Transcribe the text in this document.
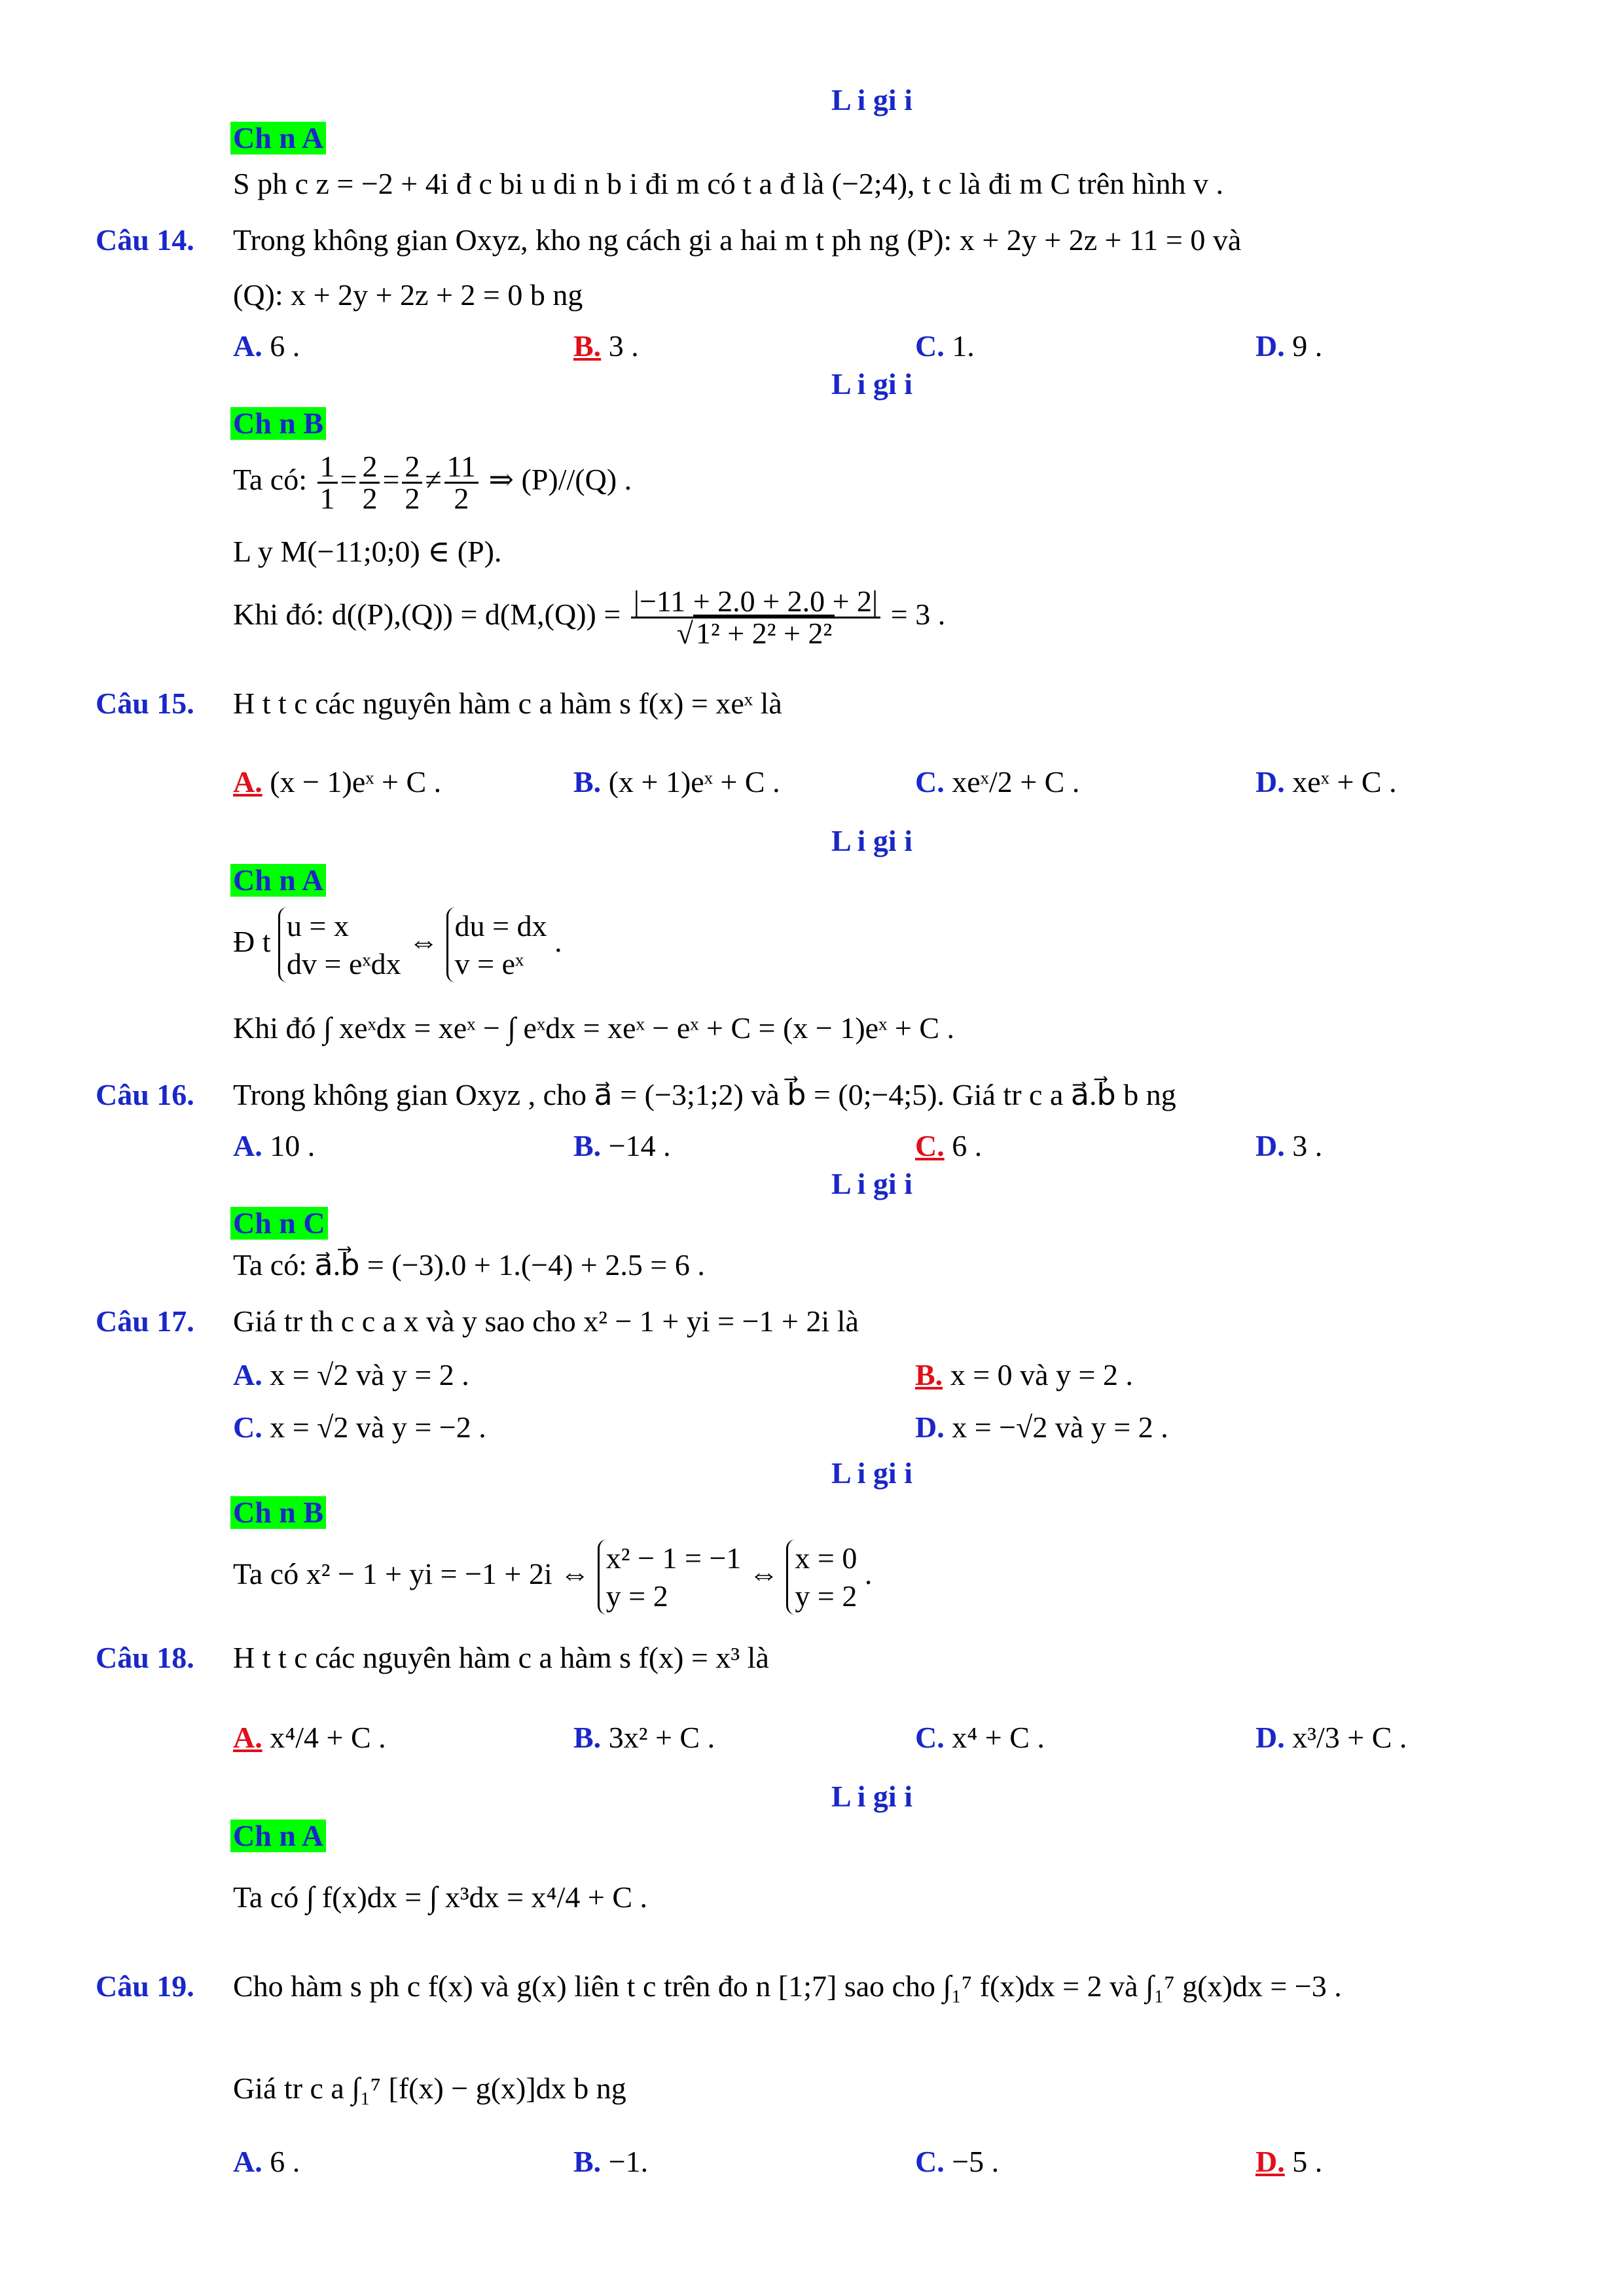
L i gi i
Ch n A
S ph c z = −2 + 4i đ c bi u di n b i đi m có t a đ là (−2;4), t c là đi m C trên hình v .
Câu 14. Trong không gian Oxyz, kho ng cách gi a hai m t ph ng (P): x + 2y + 2z + 11 = 0 và
(Q): x + 2y + 2z + 2 = 0 b ng
A. 6 .	B. 3 .	C. 1.	D. 9 .
L i gi i
Ch n B
Ta có: $\frac{1}{1} = \frac{2}{2} = \frac{2}{2} \ne \frac{11}{2}$ ⇒ (P)//(Q) .
L y M(−11;0;0) ∈ (P).
Khi đó: $d((P),(Q)) = d(M,(Q)) = \frac{|-11 + 2.0 + 2.0 + 2|}{\text{√1² + 2² + 2²}} = 3$ .
Câu 15. H t t c các nguyên hàm c a hàm s f(x) = xeˣ là
A. (x − 1)eˣ + C .	B. (x + 1)eˣ + C .	C. xeˣ/2 + C .	D. xeˣ + C .
L i gi i
Ch n A
Đ t u = x
dv = eˣdx
⇔ du = dx
v = eˣ
.
Khi đó ∫ xeˣdx = xeˣ − ∫ eˣdx = xeˣ − eˣ + C = (x − 1)eˣ + C .
Câu 16. Trong không gian Oxyz , cho a⃗ = (−3;1;2) và b⃗ = (0;−4;5). Giá tr c a a⃗.b⃗ b ng
A. 10 .	B. −14 .	C. 6 .	D. 3 .
L i gi i
Ch n C
Ta có: a⃗.b⃗ = (−3).0 + 1.(−4) + 2.5 = 6 .
Câu 17. Giá tr th c c a x và y sao cho x² − 1 + yi = −1 + 2i là
A. x = √2 và y = 2 .	B. x = 0 và y = 2 .
C. x = √2 và y = −2 .	D. x = −√2 và y = 2 .
L i gi i
Ch n B
Ta có x² − 1 + yi = −1 + 2i ⇔ x² − 1 = −1
y = 2
⇔ x = 0
y = 2
.
Câu 18. H t t c các nguyên hàm c a hàm s f(x) = x³ là
A. x⁴/4 + C .	B. 3x² + C .	C. x⁴ + C .	D. x³/3 + C .
L i gi i
Ch n A
Ta có ∫ f(x)dx = ∫ x³dx = x⁴/4 + C .
Câu 19. Cho hàm s ph c f(x) và g(x) liên t c trên đo n [1;7] sao cho ∫₁⁷ f(x)dx = 2 và ∫₁⁷ g(x)dx = −3 .
Giá tr c a ∫₁⁷ [f(x) − g(x)]dx b ng
A. 6 .	B. −1.	C. −5 .	D. 5 .
